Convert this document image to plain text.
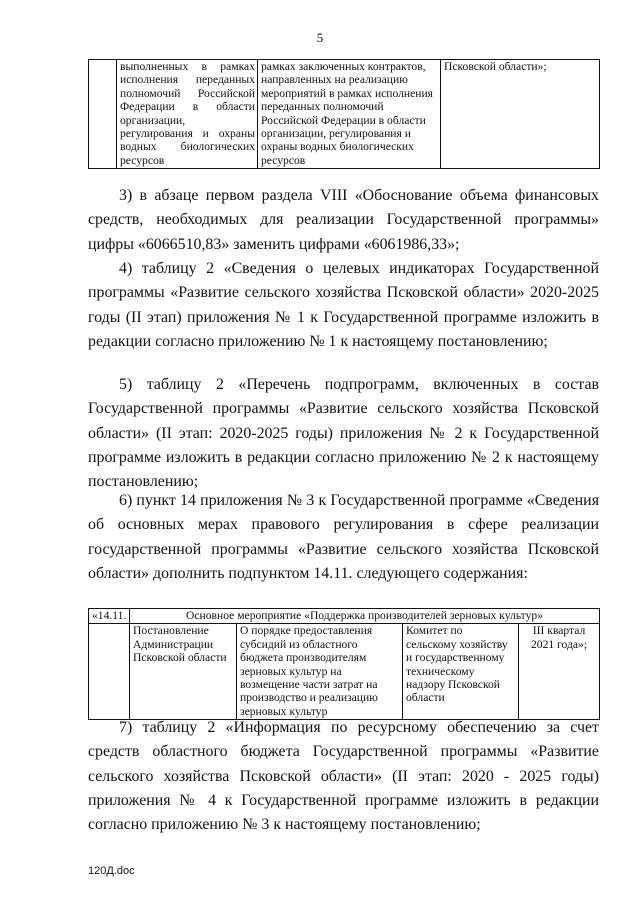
5
	выполненных в рамках исполнения переданных полномочий Российской Федерации в области организации, регулирования и охраны водных биологических ресурсов	рамках заключенных контрактов, направленных на реализацию мероприятий в рамках исполнения переданных полномочий Российской Федерации в области организации, регулирования и охраны водных биологических ресурсов	Псковской области»;

3) в абзаце первом раздела VIII «Обоснование объема финансовых средств, необходимых для реализации Государственной программы» цифры «6066510,83» заменить цифрами «6061986,33»;

4) таблицу 2 «Сведения о целевых индикаторах Государственной программы «Развитие сельского хозяйства Псковской области» 2020-2025 годы (II этап) приложения № 1 к Государственной программе изложить в редакции согласно приложению № 1 к настоящему постановлению;

5) таблицу 2 «Перечень подпрограмм, включенных в состав Государственной программы «Развитие сельского хозяйства Псковской области» (II этап: 2020-2025 годы) приложения № 2 к Государственной программе изложить в редакции согласно приложению № 2 к настоящему постановлению;

6) пункт 14 приложения № 3 к Государственной программе «Сведения об основных мерах правового регулирования в сфере реализации государственной программы «Развитие сельского хозяйства Псковской области» дополнить подпунктом 14.11. следующего содержания:

«14.11.	Основное мероприятие «Поддержка производителей зерновых культур»			
	Постановление Администрации Псковской области	О порядке предоставления субсидий из областного бюджета производителям зерновых культур на возмещение части затрат на производство и реализацию зерновых культур	Комитет по сельскому хозяйству и государственному техническому надзору Псковской области	III квартал 2021 года»;

7) таблицу 2 «Информация по ресурсному обеспечению за счет средств областного бюджета Государственной программы «Развитие сельского хозяйства Псковской области» (II этап: 2020 - 2025 годы) приложения № 4 к Государственной программе изложить в редакции согласно приложению № 3 к настоящему постановлению;

120Д.doc
